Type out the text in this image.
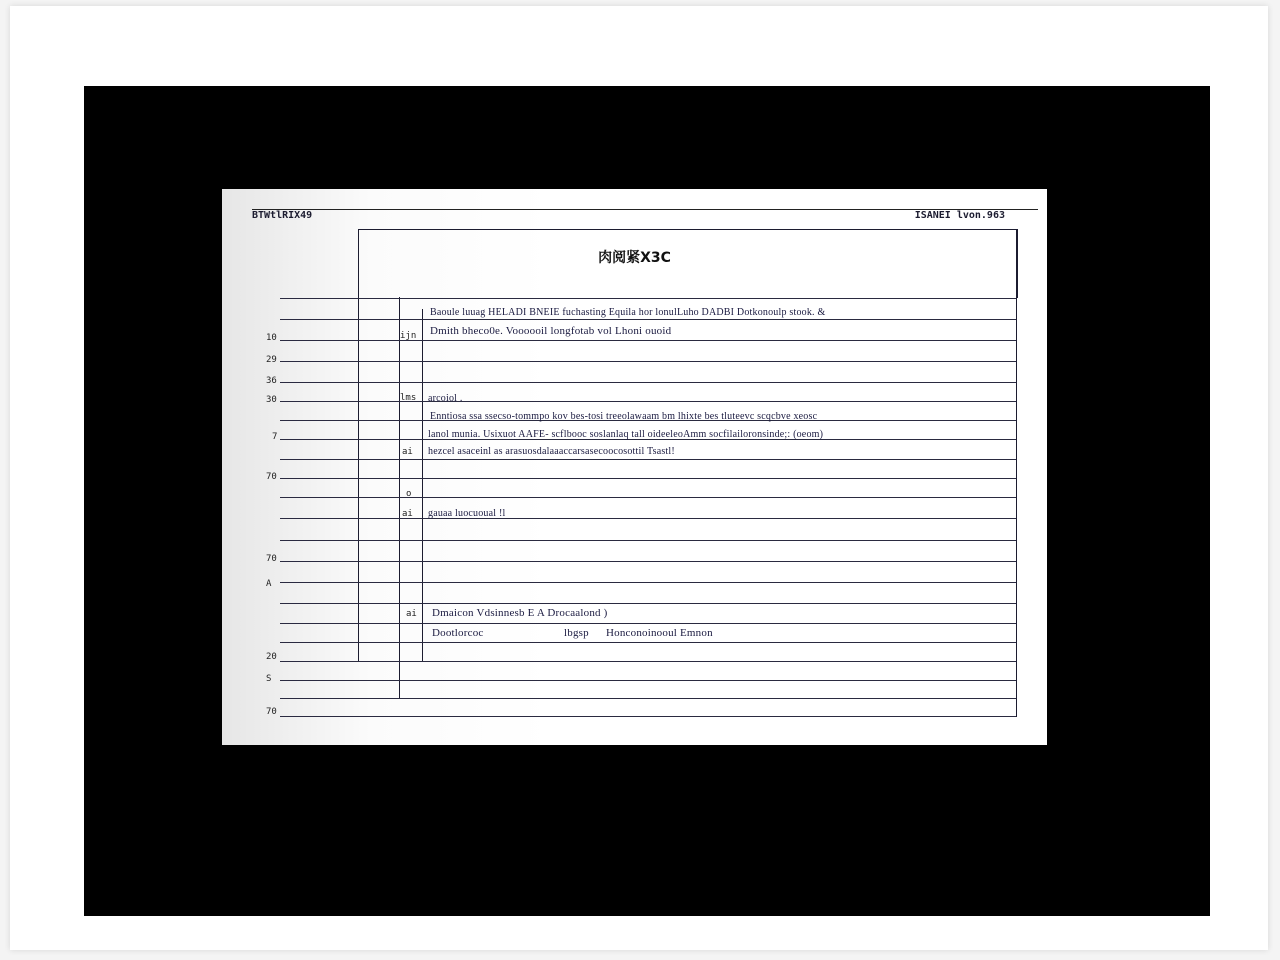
BTWtlRIX49	ISANEI lvon.963
肉阅紧X3C
10
29
36
30
7
70
70
A
20
S
70
ijn
lms
ai
o
ai
ai
Baoule luuag HELADI BNEIE fuchasting Equila hor lonulLuho DADBI Dotkonoulp stook. &
Dmith bheco0e. Voooooil longfotab vol Lhoni ouoid
arcoiol .
Enntiosa ssa ssecso-tommpo kov bes-tosi treeolawaam bm lhixte bes tluteevc scqcbve xeosc
lanol munia. Usixuot AAFE- scflbooc soslanlaq tall oideeleoAmm socfilailoronsinde;: (oeom)
hezcel asaceinl as arasuosdalaaaccarsasecoocosottil Tsastl!
gauaa luocuoual !l
Dmaicon Vdsinnesb E A Drocaalond )
Dootlorcoc	lbgsp Honconoinooul Emnon
